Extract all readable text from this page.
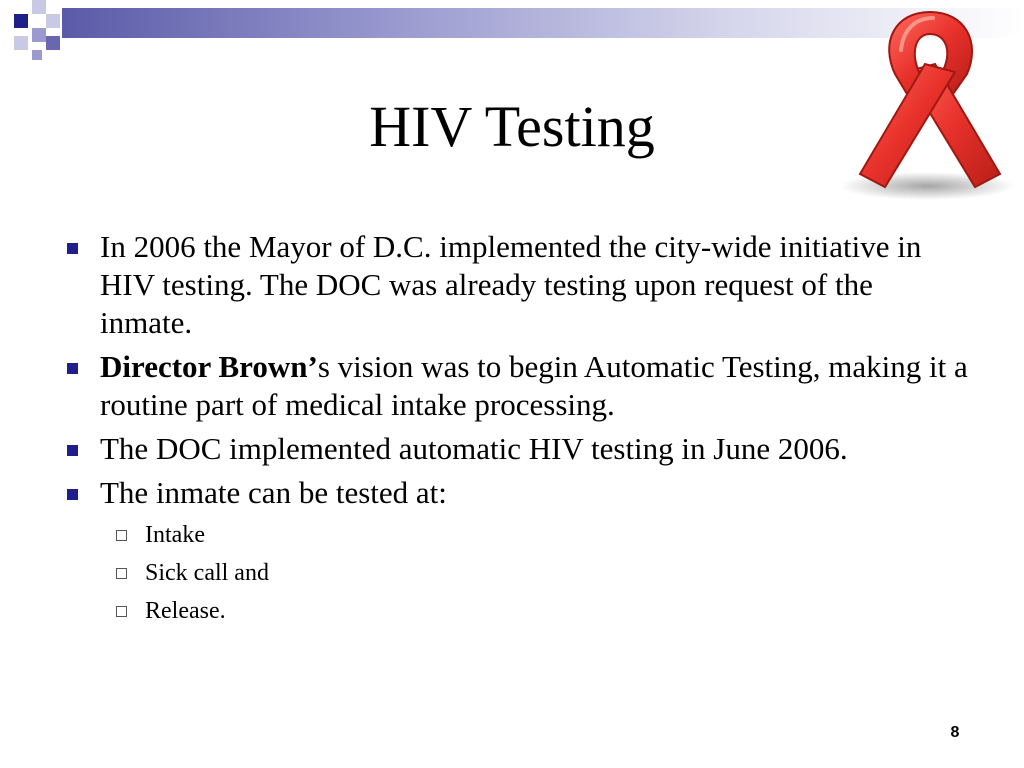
HIV Testing
In 2006 the Mayor of D.C. implemented the city-wide initiative in HIV testing. The DOC was already testing upon request of the inmate.
Director Brown’s vision was to begin Automatic Testing, making it a routine part of medical intake processing.
The DOC implemented automatic HIV testing in June 2006.
The inmate can be tested at:
Intake
Sick call and
Release.
8
